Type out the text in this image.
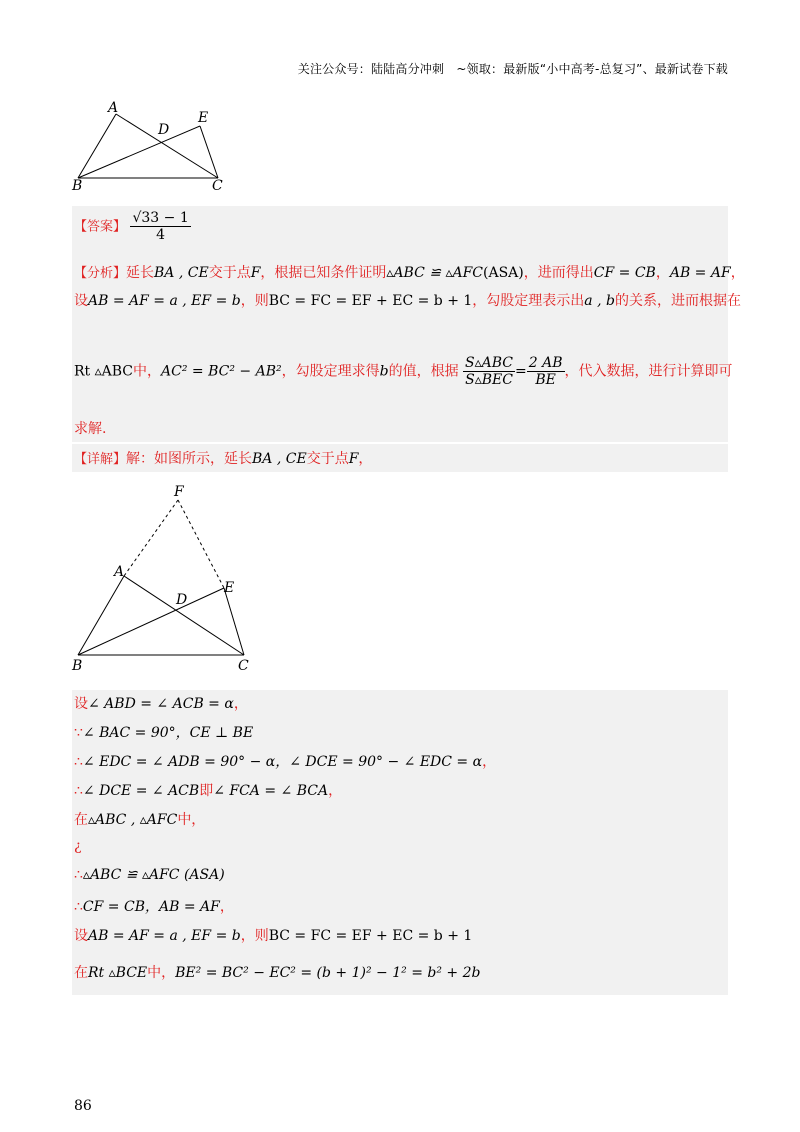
关注公众号：陆陆高分冲刺　~领取：最新版“小中高考-总复习”、最新试卷下载
A
B	C
D
E
【答案】 $\frac{√33 - 1}{4}$
【分析】延长BA , CE交于点F，根据已知条件证明▵ABC ≌ ▵AFC(ASA)，进而得出CF = CB，AB = AF，
设AB = AF = a , EF = b，则BC = FC = EF + EC = b + 1，勾股定理表示出a , b的关系，进而根据在
Rt ▵ABC中，AC² = BC² − AB²，勾股定理求得b的值，根据 $\frac{\text{S▵ABC}}{\text{S▵BEC}} = \frac{2 AB}{BE}$ ，代入数据，进行计算即可
求解.
【详解】解：如图所示，延长BA , CE交于点F，
F
A
E
D
B	C
设∠ ABD = ∠ ACB = α，
∵∠ BAC = 90°，CE ⊥ BE
∴∠ EDC = ∠ ADB = 90° − α，∠ DCE = 90° − ∠ EDC = α，
∴∠ DCE = ∠ ACB即∠ FCA = ∠ BCA，
在▵ABC , ▵AFC中，
¿
∴▵ABC ≌ ▵AFC (ASA)
∴CF = CB，AB = AF，
设AB = AF = a , EF = b，则BC = FC = EF + EC = b + 1
在Rt ▵BCE中，BE² = BC² − EC² = (b + 1)² − 1² = b² + 2b
86
